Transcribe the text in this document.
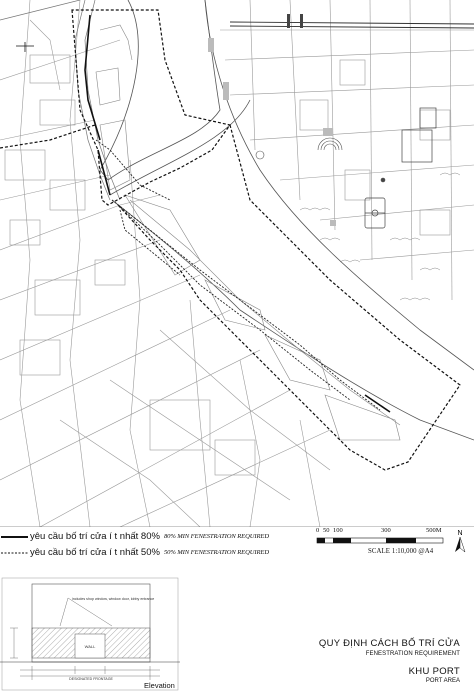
yêu cầu bố trí cửa í t nhất 80% 80% MIN FENESTRATION REQUIRED
yêu cầu bố trí cửa í t nhất 50% 50% MIN FENESTRATION REQUIRED
0 50 100	300	500M
SCALE 1:10,000 @A4
N
WALL
includes shop window, window door, lobby entrance
DESIGNATED FRONTAGE
Elevation
QUY ĐỊNH CÁCH BỐ TRÍ CỬA
FENESTRATION REQUIREMENT
KHU PORT
PORT AREA
